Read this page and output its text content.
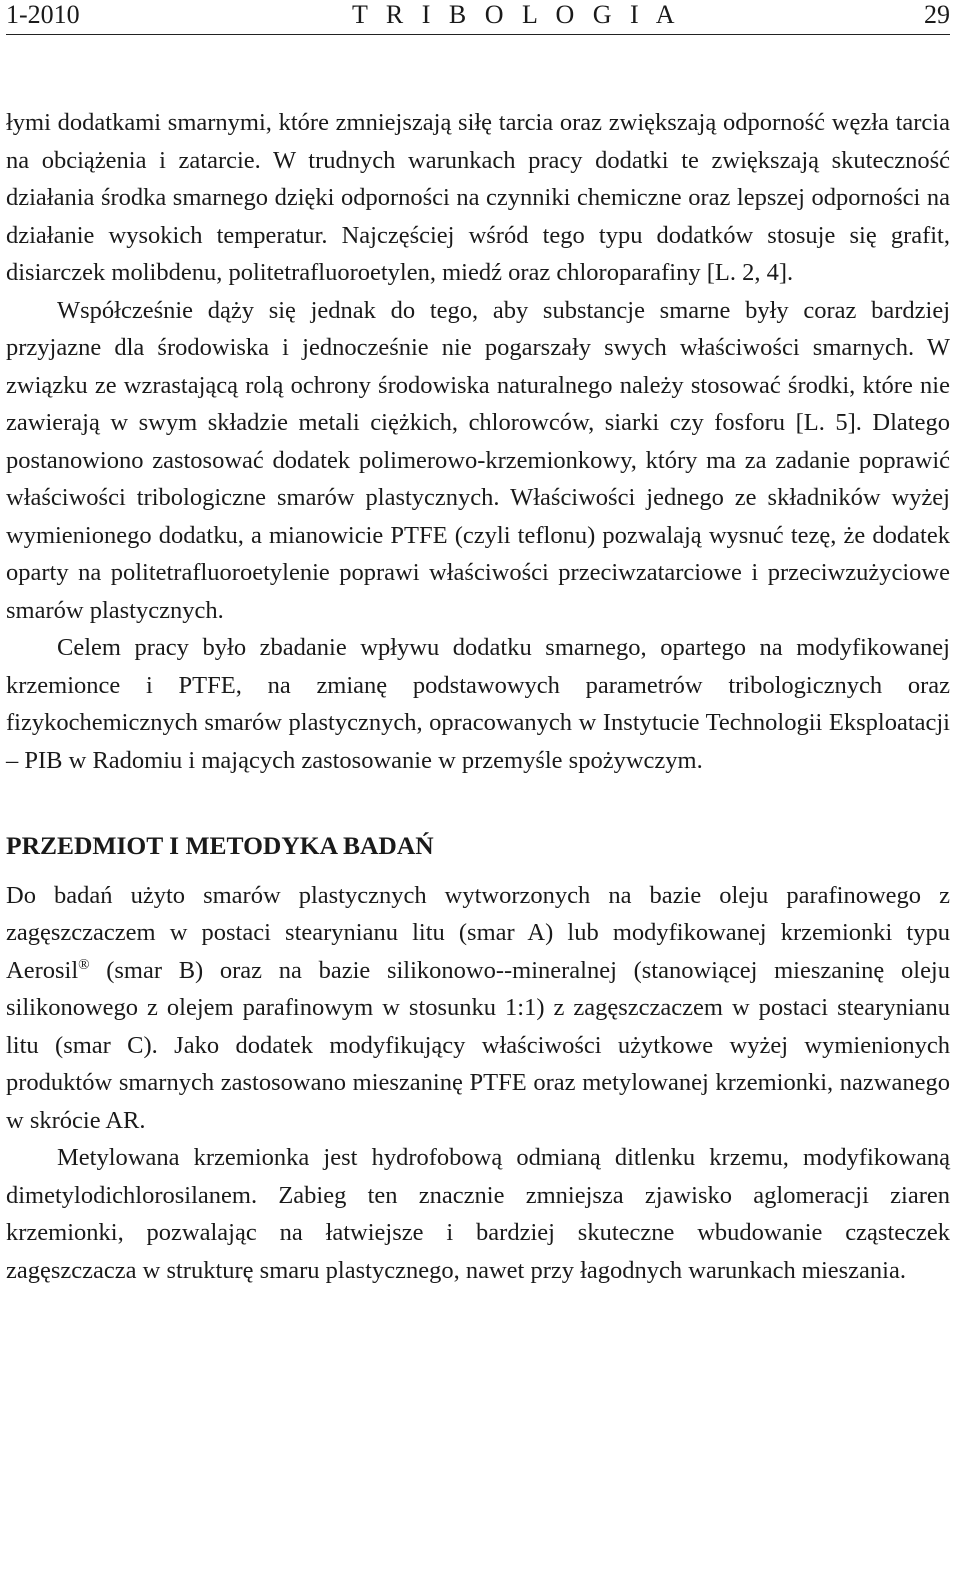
1-2010	T R I B O L O G I A	29

łymi dodatkami smarnymi, które zmniejszają siłę tarcia oraz zwiększają odporność węzła tarcia na obciążenia i zatarcie. W trudnych warunkach pracy dodatki te zwiększają skuteczność działania środka smarnego dzięki odporności na czynniki chemiczne oraz lepszej odporności na działanie wysokich temperatur. Najczęściej wśród tego typu dodatków stosuje się grafit, disiarczek molibdenu, politetrafluoroetylen, miedź oraz chloroparafiny [L. 2, 4].

Współcześnie dąży się jednak do tego, aby substancje smarne były coraz bardziej przyjazne dla środowiska i jednocześnie nie pogarszały swych właściwości smarnych. W związku ze wzrastającą rolą ochrony środowiska naturalnego należy stosować środki, które nie zawierają w swym składzie metali ciężkich, chlorowców, siarki czy fosforu [L. 5]. Dlatego postanowiono zastosować dodatek polimerowo-krzemionkowy, który ma za zadanie poprawić właściwości tribologiczne smarów plastycznych. Właściwości jednego ze składników wyżej wymienionego dodatku, a mianowicie PTFE (czyli teflonu) pozwalają wysnuć tezę, że dodatek oparty na politetrafluoroetylenie poprawi właściwości przeciwzatarciowe i przeciwzużyciowe smarów plastycznych.

Celem pracy było zbadanie wpływu dodatku smarnego, opartego na modyfikowanej krzemionce i PTFE, na zmianę podstawowych parametrów tribologicznych oraz fizykochemicznych smarów plastycznych, opracowanych w Instytucie Technologii Eksploatacji – PIB w Radomiu i mających zastosowanie w przemyśle spożywczym.

PRZEDMIOT I METODYKA BADAŃ

Do badań użyto smarów plastycznych wytworzonych na bazie oleju parafinowego z zagęszczaczem w postaci stearynianu litu (smar A) lub modyfikowanej krzemionki typu Aerosil® (smar B) oraz na bazie silikonowo--mineralnej (stanowiącej mieszaninę oleju silikonowego z olejem parafinowym w stosunku 1:1) z zagęszczaczem w postaci stearynianu litu (smar C). Jako dodatek modyfikujący właściwości użytkowe wyżej wymienionych produktów smarnych zastosowano mieszaninę PTFE oraz metylowanej krzemionki, nazwanego w skrócie AR.

Metylowana krzemionka jest hydrofobową odmianą ditlenku krzemu, modyfikowaną dimetylodichlorosilanem. Zabieg ten znacznie zmniejsza zjawisko aglomeracji ziaren krzemionki, pozwalając na łatwiejsze i bardziej skuteczne wbudowanie cząsteczek zagęszczacza w strukturę smaru plastycznego, nawet przy łagodnych warunkach mieszania.
